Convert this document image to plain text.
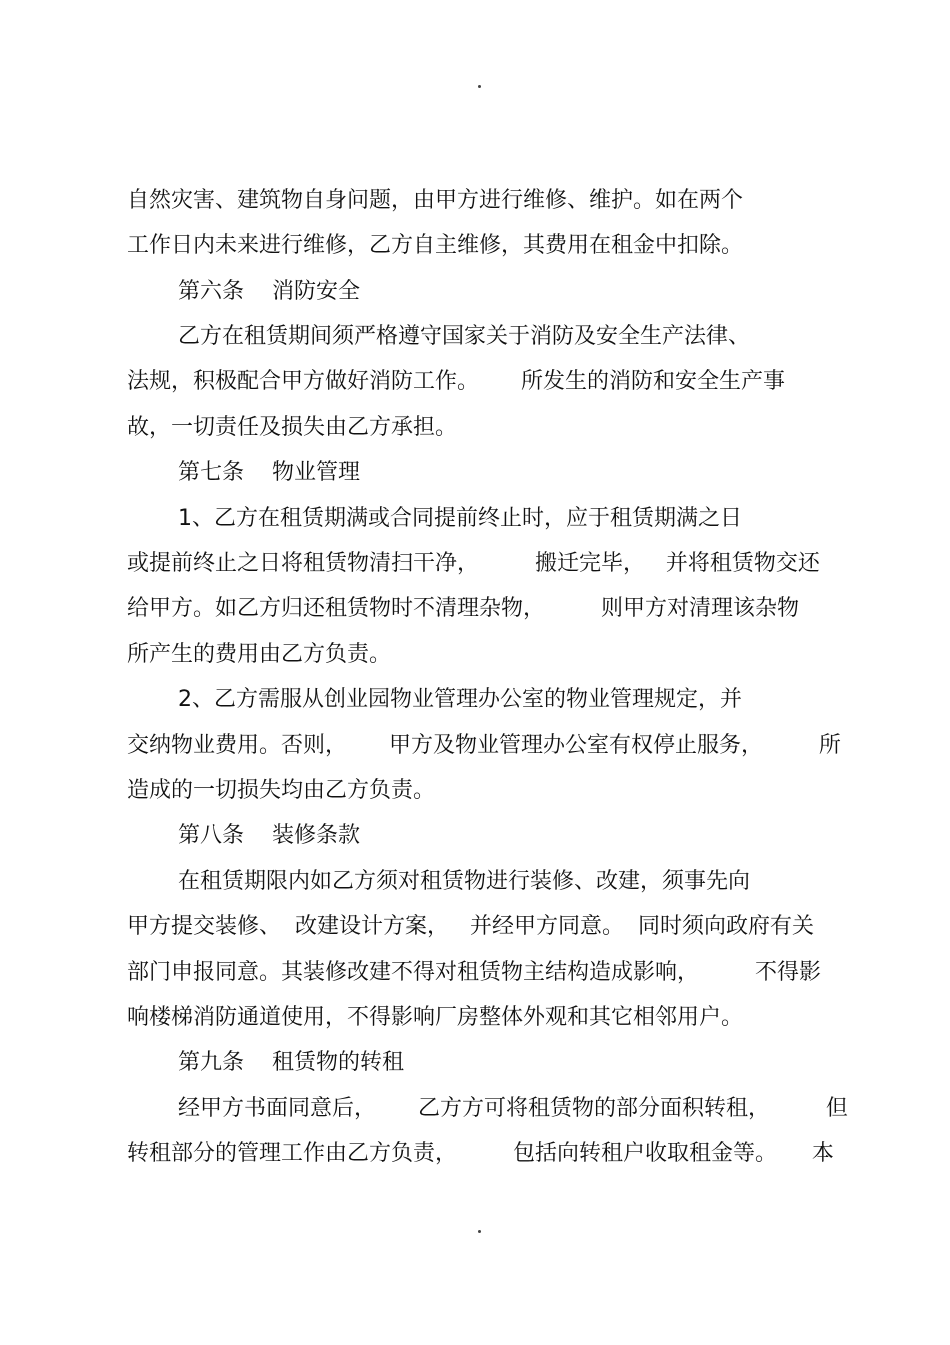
自然灾害、建筑物自身问题，由甲方进行维修、维护。如在两个
工作日内未来进行维修，乙方自主维修，其费用在租金中扣除。
第六条    消防安全
乙方在租赁期间须严格遵守国家关于消防及安全生产法律、
法规，积极配合甲方做好消防工作。      所发生的消防和安全生产事
故，一切责任及损失由乙方承担。
第七条    物业管理
1、乙方在租赁期满或合同提前终止时，应于租赁期满之日
或提前终止之日将租赁物清扫干净，        搬迁完毕，   并将租赁物交还
给甲方。如乙方归还租赁物时不清理杂物，        则甲方对清理该杂物
所产生的费用由乙方负责。
2、乙方需服从创业园物业管理办公室的物业管理规定，并
交纳物业费用。否则，      甲方及物业管理办公室有权停止服务，        所
造成的一切损失均由乙方负责。
第八条    装修条款
在租赁期限内如乙方须对租赁物进行装修、改建，须事先向
甲方提交装修、  改建设计方案，   并经甲方同意。  同时须向政府有关
部门申报同意。其装修改建不得对租赁物主结构造成影响，        不得影
响楼梯消防通道使用，不得影响厂房整体外观和其它相邻用户。
第九条    租赁物的转租
经甲方书面同意后，      乙方方可将租赁物的部分面积转租，        但
转租部分的管理工作由乙方负责，        包括向转租户收取租金等。     本
